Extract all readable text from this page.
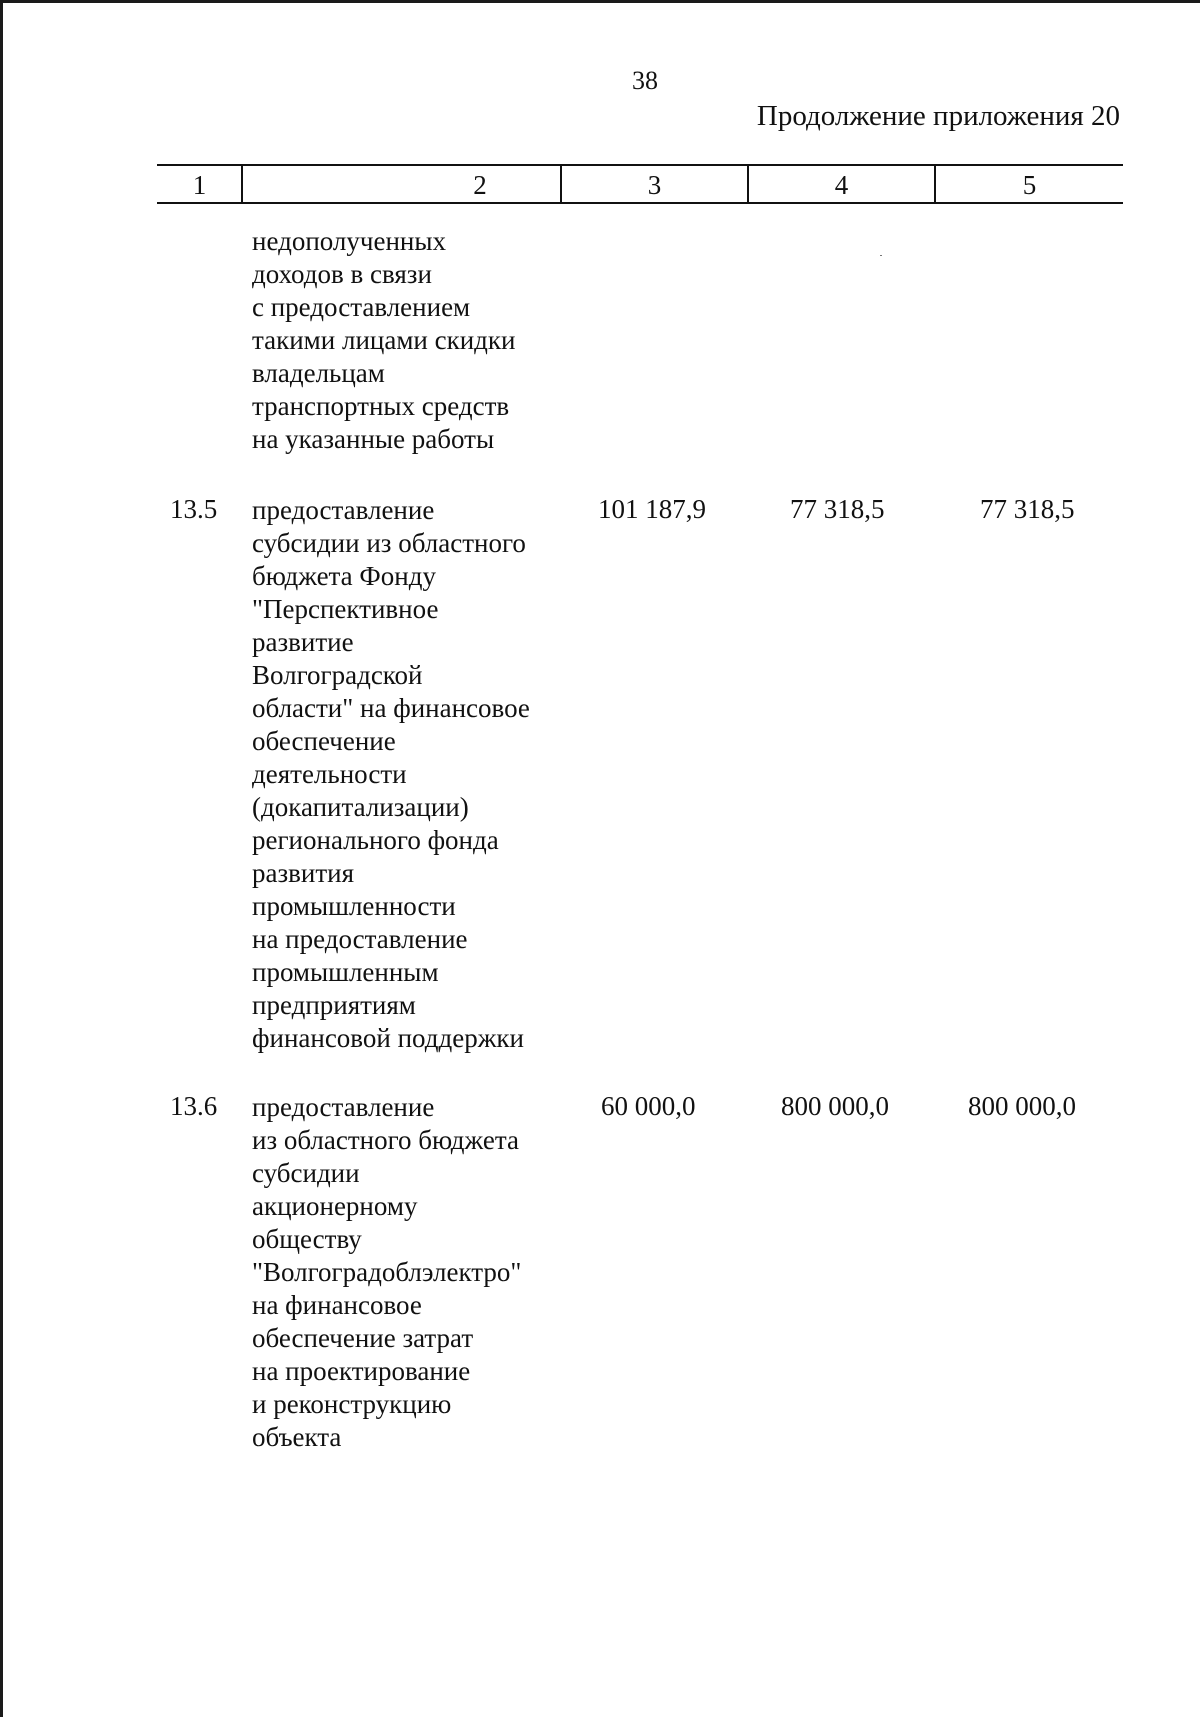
38
Продолжение приложения 20
1	2	3	4	5
недополученных
доходов в связи
с предоставлением
такими лицами скидки
владельцам
транспортных средств
на указанные работы
13.5 предоставление
субсидии из областного
бюджета Фонду
"Перспективное
развитие
Волгоградской
области" на финансовое
обеспечение
деятельности
(докапитализации)
регионального фонда
развития
промышленности
на предоставление
промышленным
предприятиям
финансовой поддержки
101 187,9	77 318,5	77 318,5
13.6 предоставление
из областного бюджета
субсидии
акционерному
обществу
"Волгоградоблэлектро"
на финансовое
обеспечение затрат
на проектирование
и реконструкцию
объекта
60 000,0	800 000,0	800 000,0
